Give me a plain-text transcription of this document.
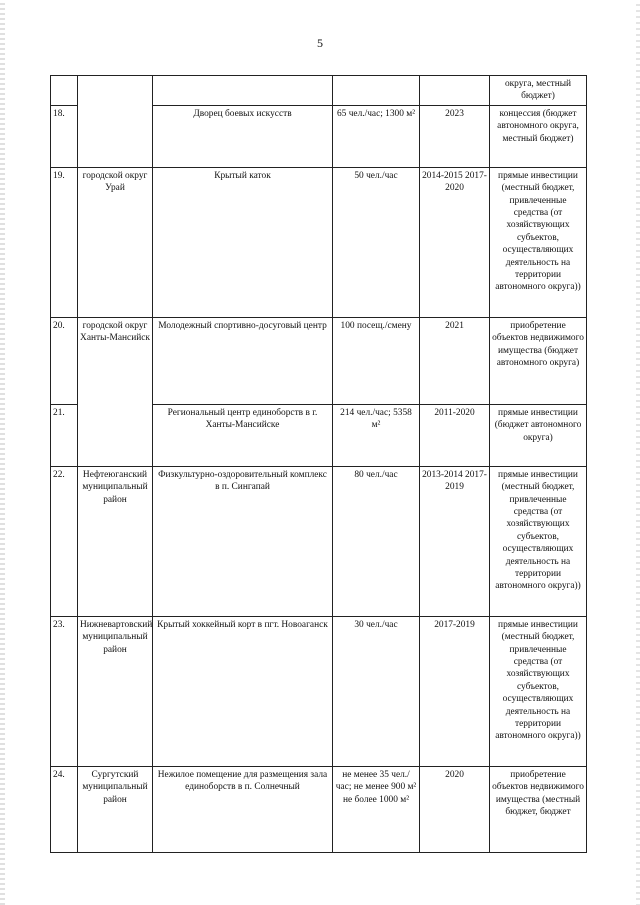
5
					округа, местный бюджет)
18.		Дворец боевых искусств	65 чел./час; 1300 м²	2023	концессия (бюджет автономного округа, местный бюджет)
19.	городской округ Урай	Крытый каток	50 чел./час	2014-2015 2017-2020	прямые инвестиции (местный бюджет, привлеченные средства (от хозяйствующих субъектов, осуществляющих деятельность на территории автономного округа))
20.	городской округ Ханты-Мансийск	Молодежный спортивно-досуговый центр	100 посещ./смену	2021	приобретение объектов недвижимого имущества (бюджет автономного округа)
21.		Региональный центр единоборств в г. Ханты-Мансийске	214 чел./час; 5358 м²	2011-2020	прямые инвестиции (бюджет автономного округа)
22.	Нефтеюганский муниципальный район	Физкультурно-оздоровительный комплекс в п. Сингапай	80 чел./час	2013-2014 2017-2019	прямые инвестиции (местный бюджет, привлеченные средства (от хозяйствующих субъектов, осуществляющих деятельность на территории автономного округа))
23.	Нижневартовский муниципальный район	Крытый хоккейный корт в пгт. Новоаганск	30 чел./час	2017-2019	прямые инвестиции (местный бюджет, привлеченные средства (от хозяйствующих субъектов, осуществляющих деятельность на территории автономного округа))
24.	Сургутский муниципальный район	Нежилое помещение для размещения зала единоборств в п. Солнечный	не менее 35 чел./час; не менее 900 м² не более 1000 м²	2020	приобретение объектов недвижимого имущества (местный бюджет, бюджет
